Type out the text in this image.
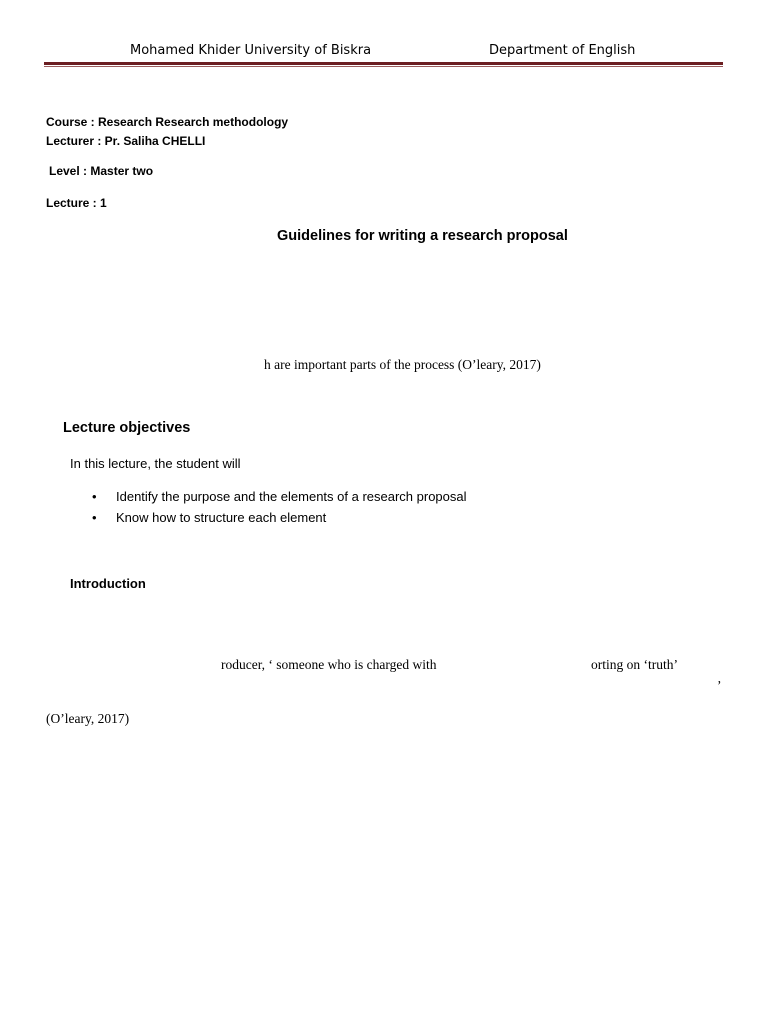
Mohamed Khider University of Biskra	Department of English
Course : Research Research methodology
Lecturer : Pr. Saliha CHELLI
Level : Master two
Lecture : 1
Guidelines for writing a research proposal
h are important parts of the process (O’leary, 2017)
Lecture objectives
In this lecture, the student will
• Identify the purpose and the elements of a research proposal
• Know how to structure each element
Introduction
roducer, ‘ someone who is charged with	orting on ‘truth’
’
(O’leary, 2017)
